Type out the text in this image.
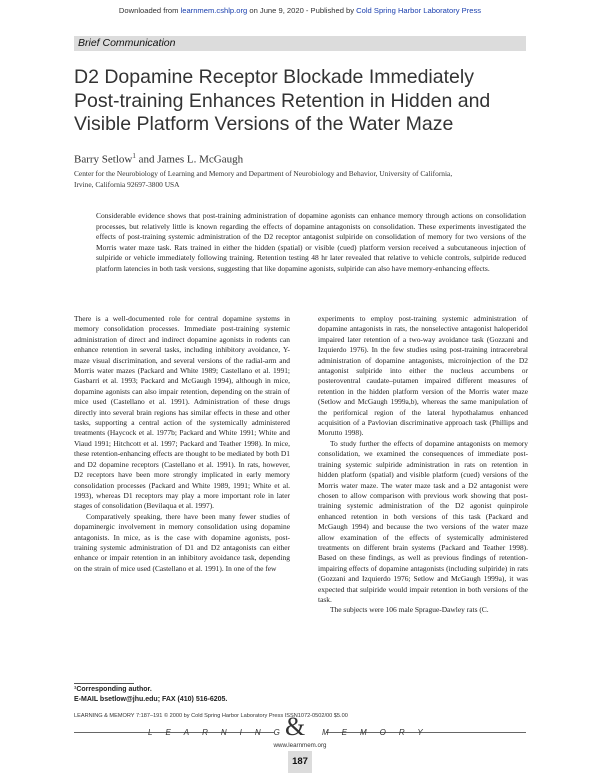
Downloaded from learnmem.cshlp.org on June 9, 2020 - Published by Cold Spring Harbor Laboratory Press
Brief Communication
D2 Dopamine Receptor Blockade Immediately
Post-training Enhances Retention in Hidden and
Visible Platform Versions of the Water Maze
Barry Setlow$^1$ and James L. McGaugh
Center for the Neurobiology of Learning and Memory and Department of Neurobiology and Behavior, University of California,
Irvine, California 92697-3800 USA
Considerable evidence shows that post-training administration of dopamine agonists can enhance memory through actions on consolidation processes, but relatively little is known regarding the effects of dopamine antagonists on consolidation. These experiments investigated the effects of post-training systemic administration of the D2 receptor antagonist sulpiride on consolidation of memory for two versions of the Morris water maze task. Rats trained in either the hidden (spatial) or visible (cued) platform version received a subcutaneous injection of sulpiride or vehicle immediately following training. Retention testing 48 hr later revealed that relative to vehicle controls, sulpiride reduced platform latencies in both task versions, suggesting that like dopamine agonists, sulpiride can also have memory-enhancing effects.

There is a well-documented role for central dopamine systems in memory consolidation processes. Immediate post-training systemic administration of direct and indirect dopamine agonists in rodents can enhance retention in several tasks, including inhibitory avoidance, Y-maze visual discrimination, and several versions of the radial-arm and Morris water mazes (Packard and White 1989; Castellano et al. 1991; Gasbarri et al. 1993; Packard and McGaugh 1994), although in mice, dopamine agonists can also impair retention, depending on the strain of mice used (Castellano et al. 1991). Administration of these drugs directly into several brain regions has similar effects in these and other tasks, supporting a central action of the systemically administered treatments (Haycock et al. 1977b; Packard and White 1991; White and Viaud 1991; Hitchcott et al. 1997; Packard and Teather 1998). In mice, these retention-enhancing effects are thought to be mediated by both D1 and D2 dopamine receptors (Castellano et al. 1991). In rats, however, D2 receptors have been more strongly implicated in early memory consolidation processes (Packard and White 1989, 1991; White et al. 1993), whereas D1 receptors may play a more important role in later stages of consolidation (Bevilaqua et al. 1997).

Comparatively speaking, there have been many fewer studies of dopaminergic involvement in memory consolidation using dopamine antagonists. In mice, as is the case with dopamine agonists, post-training systemic administration of D1 and D2 antagonists can either enhance or impair retention in an inhibitory avoidance task, depending on the strain of mice used (Castellano et al. 1991). In one of the few

experiments to employ post-training systemic administration of dopamine antagonists in rats, the nonselective antagonist haloperidol impaired later retention of a two-way avoidance task (Gozzani and Izquierdo 1976). In the few studies using post-training intracerebral administration of dopamine antagonists, microinjection of the D2 antagonist sulpiride into either the nucleus accumbens or posteroventral caudate–putamen impaired different measures of retention in the hidden platform version of the Morris water maze (Setlow and McGaugh 1999a,b), whereas the same manipulation of the perifornical region of the lateral hypothalamus enhanced acquisition of a Pavlovian discriminative approach task (Phillips and Morutto 1998).

To study further the effects of dopamine antagonists on memory consolidation, we examined the consequences of immediate post-training systemic sulpiride administration in rats on retention in hidden platform (spatial) and visible platform (cued) versions of the Morris water maze. The water maze task and a D2 antagonist were chosen to allow comparison with previous work showing that post-training systemic administration of the D2 agonist quinpirole enhanced retention in both versions of this task (Packard and McGaugh 1994) and because the two versions of the water maze allow examination of the effects of systemically administered treatments on different brain systems (Packard and Teather 1998). Based on these findings, as well as previous findings of retention-impairing effects of dopamine antagonists (including sulpiride) in rats (Gozzani and Izquierdo 1976; Setlow and McGaugh 1999a), it was expected that sulpiride would impair retention in both versions of the task.

The subjects were 106 male Sprague-Dawley rats (C.

¹Corresponding author.
E-MAIL bsetlow@jhu.edu; FAX (410) 516-6205.
LEARNING & MEMORY 7:187–191 © 2000 by Cold Spring Harbor Laboratory Press ISSN1072-0502/00 $5.00
LEARNING
& MEMORY
www.learnmem.org
187
